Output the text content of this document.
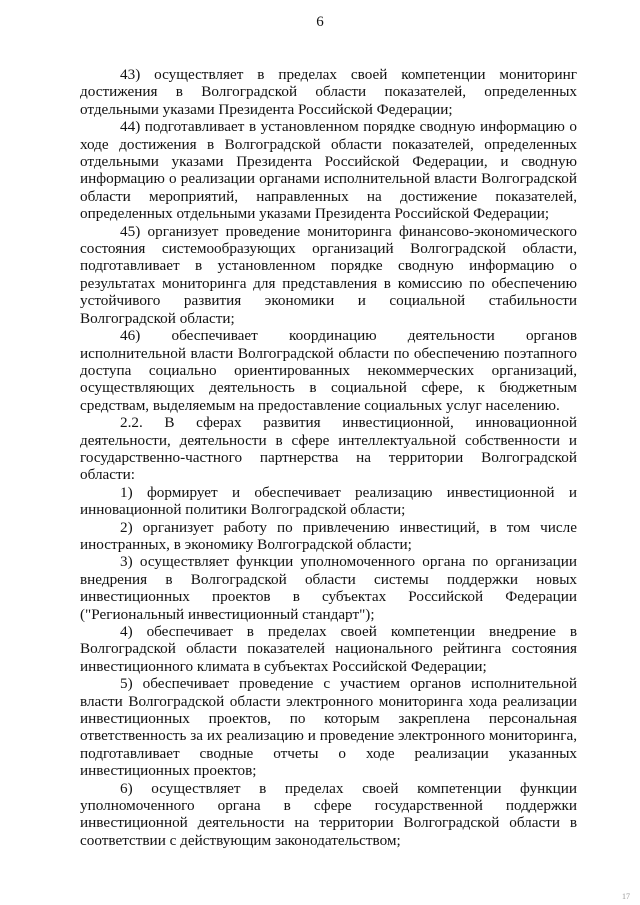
6

43) осуществляет в пределах своей компетенции мониторинг достижения в Волгоградской области показателей, определенных отдельными указами Президента Российской Федерации;

44) подготавливает в установленном порядке сводную информацию о ходе достижения в Волгоградской области показателей, определенных отдельными указами Президента Российской Федерации, и сводную информацию о реализации органами исполнительной власти Волгоградской области мероприятий, направленных на достижение показателей, определенных отдельными указами Президента Российской Федерации;

45) организует проведение мониторинга финансово-экономического состояния системообразующих организаций Волгоградской области, подготавливает в установленном порядке сводную информацию о результатах мониторинга для представления в комиссию по обеспечению устойчивого развития экономики и социальной стабильности Волгоградской области;

46) обеспечивает координацию деятельности органов исполнительной власти Волгоградской области по обеспечению поэтапного доступа социально ориентированных некоммерческих организаций, осуществляющих деятельность в социальной сфере, к бюджетным средствам, выделяемым на предоставление социальных услуг населению.

2.2. В сферах развития инвестиционной, инновационной деятельности, деятельности в сфере интеллектуальной собственности и государственно-частного партнерства на территории Волгоградской области:

1) формирует и обеспечивает реализацию инвестиционной и инновационной политики Волгоградской области;

2) организует работу по привлечению инвестиций, в том числе иностранных, в экономику Волгоградской области;

3) осуществляет функции уполномоченного органа по организации внедрения в Волгоградской области системы поддержки новых инвестиционных проектов в субъектах Российской Федерации ("Региональный инвестиционный стандарт");

4) обеспечивает в пределах своей компетенции внедрение в Волгоградской области показателей национального рейтинга состояния инвестиционного климата в субъектах Российской Федерации;

5) обеспечивает проведение с участием органов исполнительной власти Волгоградской области электронного мониторинга хода реализации инвестиционных проектов, по которым закреплена персональная ответственность за их реализацию и проведение электронного мониторинга, подготавливает сводные отчеты о ходе реализации указанных инвестиционных проектов;

6) осуществляет в пределах своей компетенции функции уполномоченного органа в сфере государственной поддержки инвестиционной деятельности на территории Волгоградской области в соответствии с действующим законодательством;

17
